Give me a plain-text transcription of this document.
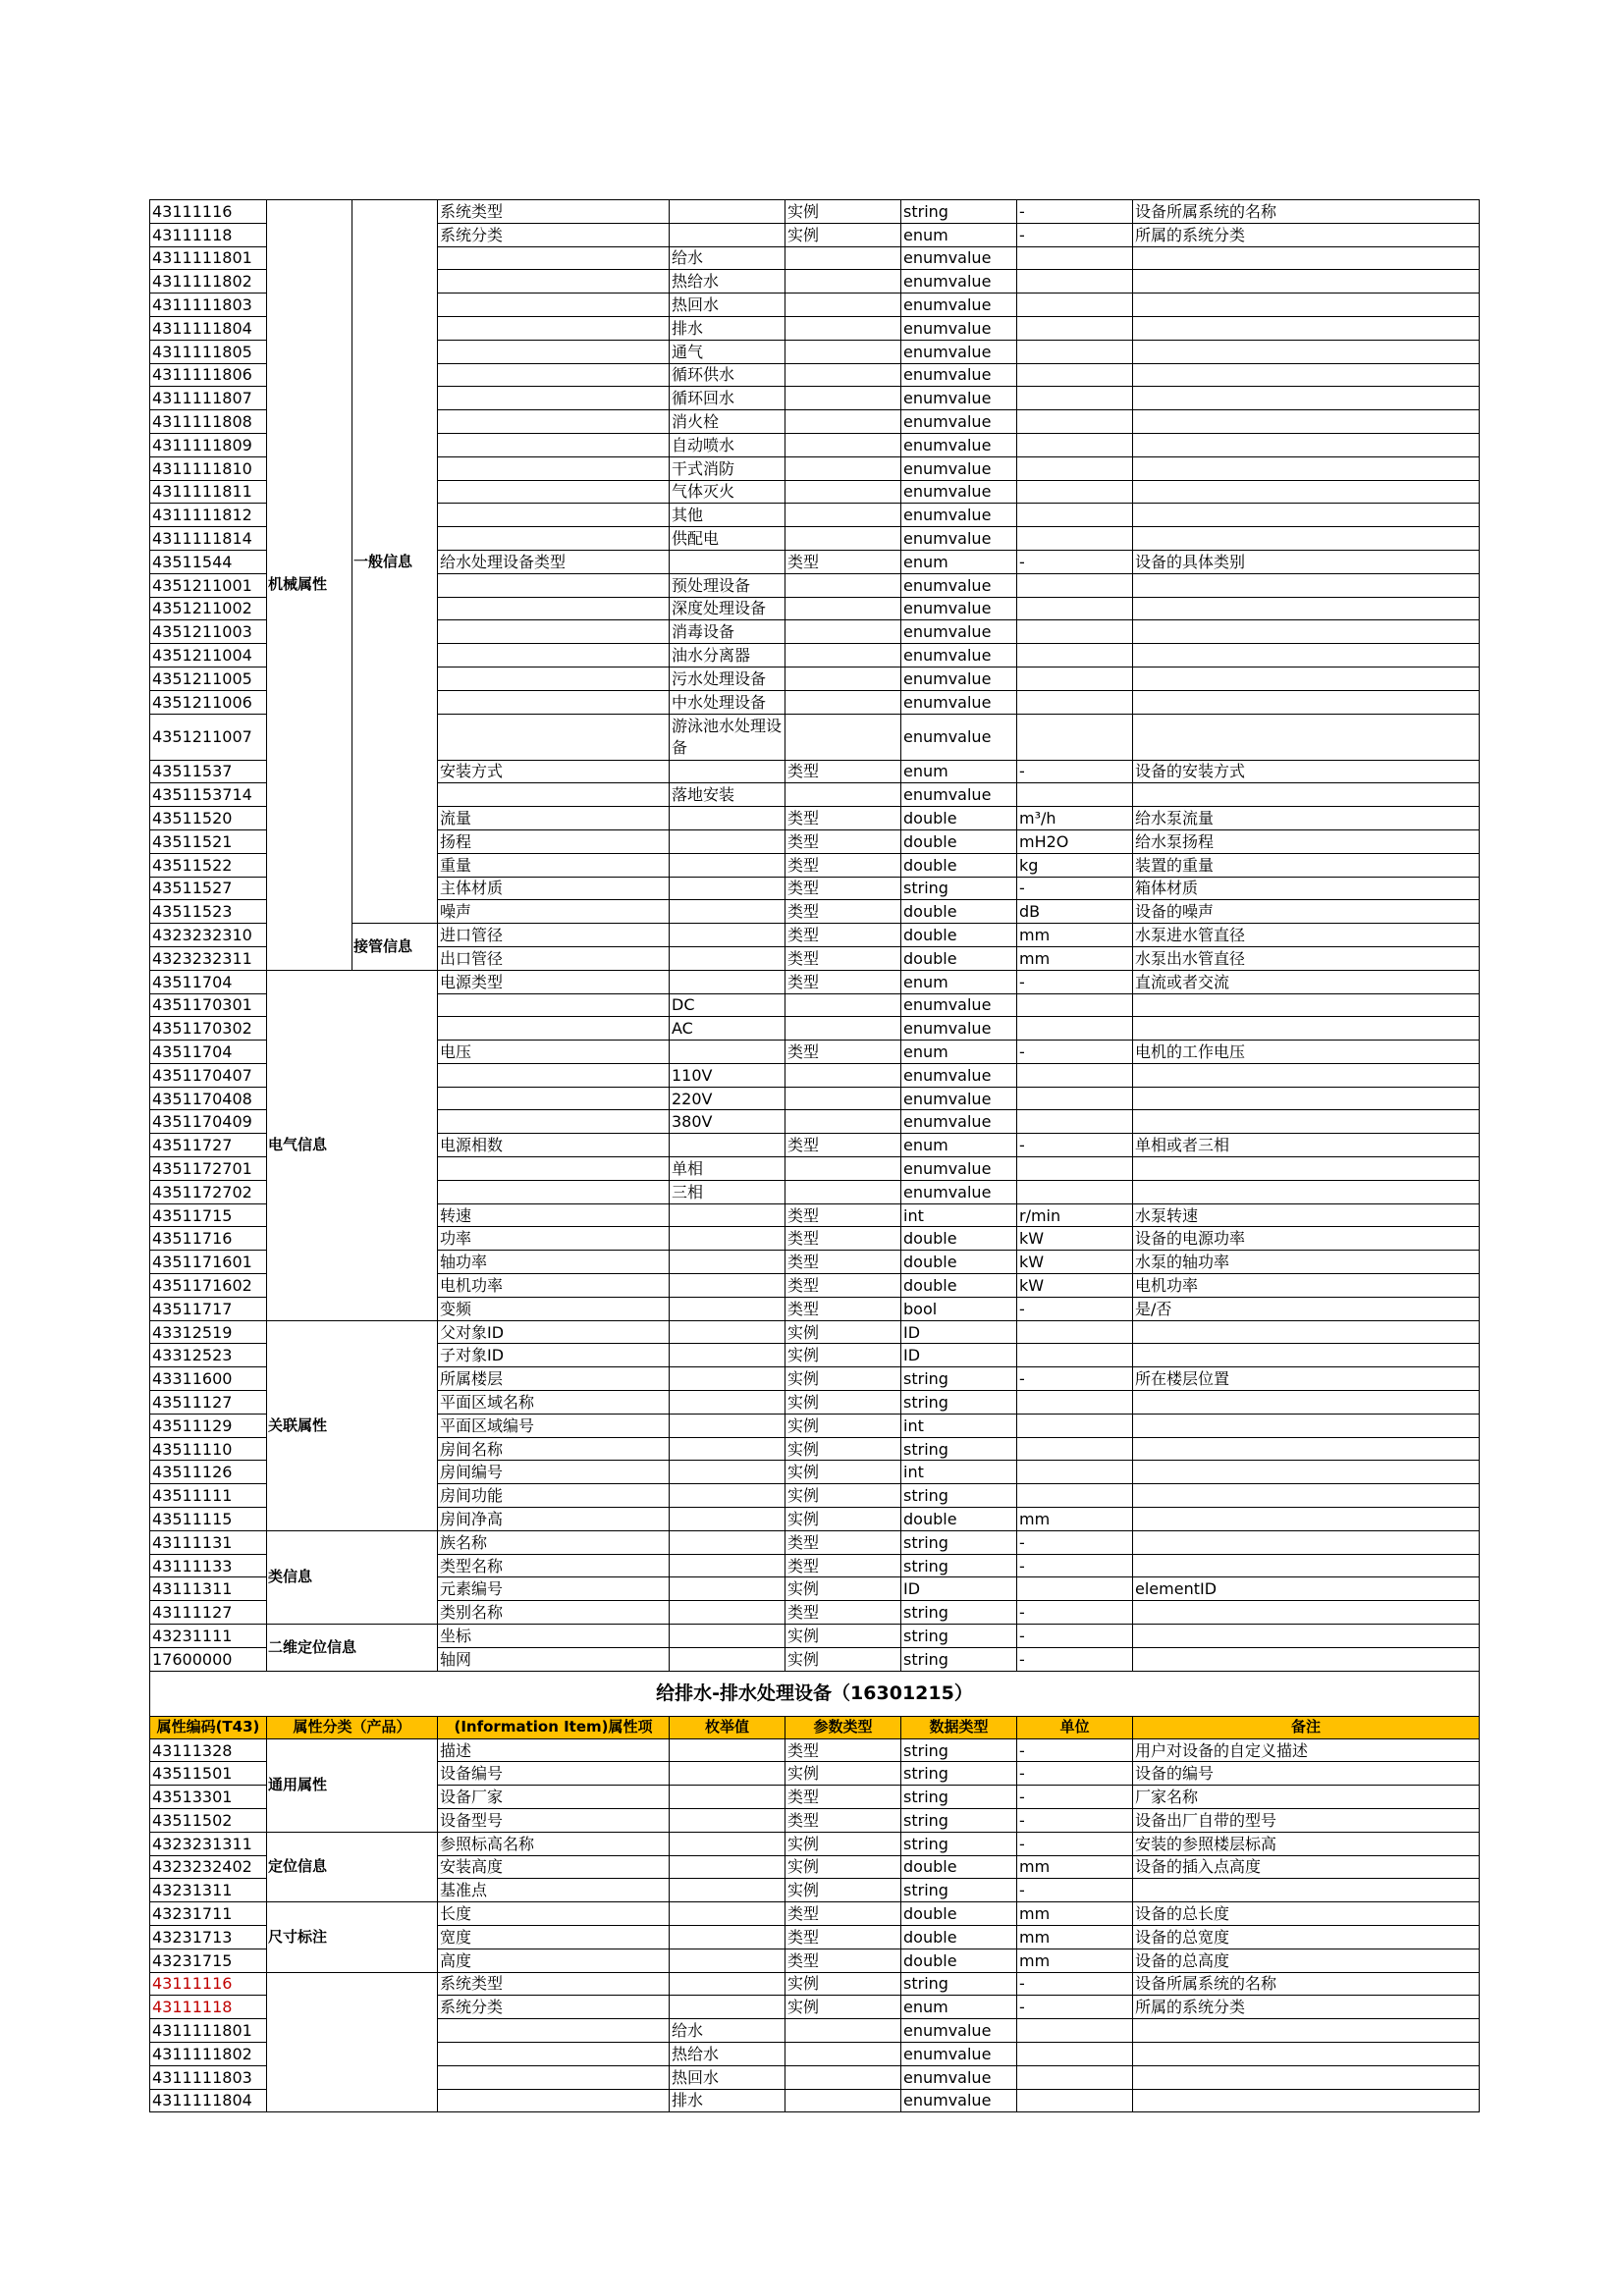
43111116	机械属性	一般信息	系统类型		实例	string	-	设备所属系统的名称
43111118			系统分类		实例	enum	-	所属的系统分类
4311111801				给水		enumvalue		
4311111802				热给水		enumvalue		
4311111803				热回水		enumvalue		
4311111804				排水		enumvalue		
4311111805				通气		enumvalue		
4311111806				循环供水		enumvalue		
4311111807				循环回水		enumvalue		
4311111808				消火栓		enumvalue		
4311111809				自动喷水		enumvalue		
4311111810				干式消防		enumvalue		
4311111811				气体灭火		enumvalue		
4311111812				其他		enumvalue		
4311111814				供配电		enumvalue		
43511544			给水处理设备类型		类型	enum	-	设备的具体类别
4351211001				预处理设备		enumvalue		
4351211002				深度处理设备		enumvalue		
4351211003				消毒设备		enumvalue		
4351211004				油水分离器		enumvalue		
4351211005				污水处理设备		enumvalue		
4351211006				中水处理设备		enumvalue		
4351211007				游泳池水处理设备		enumvalue		
43511537			安装方式		类型	enum	-	设备的安装方式
4351153714				落地安装		enumvalue		
43511520			流量		类型	double	m³/h	给水泵流量
43511521			扬程		类型	double	mH2O	给水泵扬程
43511522			重量		类型	double	kg	装置的重量
43511527			主体材质		类型	string	-	箱体材质
43511523			噪声		类型	double	dB	设备的噪声
4323232310		接管信息	进口管径		类型	double	mm	水泵进水管直径
4323232311			出口管径		类型	double	mm	水泵出水管直径
43511704	电气信息		电源类型		类型	enum	-	直流或者交流
4351170301				DC		enumvalue		
4351170302				AC		enumvalue		
43511704			电压		类型	enum	-	电机的工作电压
4351170407				110V		enumvalue		
4351170408				220V		enumvalue		
4351170409				380V		enumvalue		
43511727			电源相数		类型	enum	-	单相或者三相
4351172701				单相		enumvalue		
4351172702				三相		enumvalue		
43511715			转速		类型	int	r/min	水泵转速
43511716			功率		类型	double	kW	设备的电源功率
4351171601			轴功率		类型	double	kW	水泵的轴功率
4351171602			电机功率		类型	double	kW	电机功率
43511717			变频		类型	bool	-	是/否
43312519	关联属性		父对象ID		实例	ID		
43312523			子对象ID		实例	ID		
43311600			所属楼层		实例	string	-	所在楼层位置
43511127			平面区域名称		实例	string		
43511129			平面区域编号		实例	int		
43511110			房间名称		实例	string		
43511126			房间编号		实例	int		
43511111			房间功能		实例	string		
43511115			房间净高		实例	double	mm	
43111131	类信息		族名称		类型	string	-	
43111133			类型名称		类型	string	-	
43111311			元素编号		实例	ID		elementID
43111127			类别名称		类型	string	-	
43231111	二维定位信息		坐标		实例	string	-	
17600000			轴网		实例	string	-	
给排水-排水处理设备（16301215）								
属性编码(T43)	属性分类（产品）		(Information Item)属性项	枚举值	参数类型	数据类型	单位	备注
43111328	通用属性		描述		类型	string	-	用户对设备的自定义描述
43511501			设备编号		实例	string	-	设备的编号
43513301			设备厂家		类型	string	-	厂家名称
43511502			设备型号		类型	string	-	设备出厂自带的型号
4323231311	定位信息		参照标高名称		实例	string	-	安装的参照楼层标高
4323232402			安装高度		实例	double	mm	设备的插入点高度
43231311			基准点		实例	string	-	
43231711	尺寸标注		长度		类型	double	mm	设备的总长度
43231713			宽度		类型	double	mm	设备的总宽度
43231715			高度		类型	double	mm	设备的总高度
43111116			系统类型		实例	string	-	设备所属系统的名称
43111118			系统分类		实例	enum	-	所属的系统分类
4311111801				给水		enumvalue		
4311111802				热给水		enumvalue		
4311111803				热回水		enumvalue		
4311111804				排水		enumvalue		
